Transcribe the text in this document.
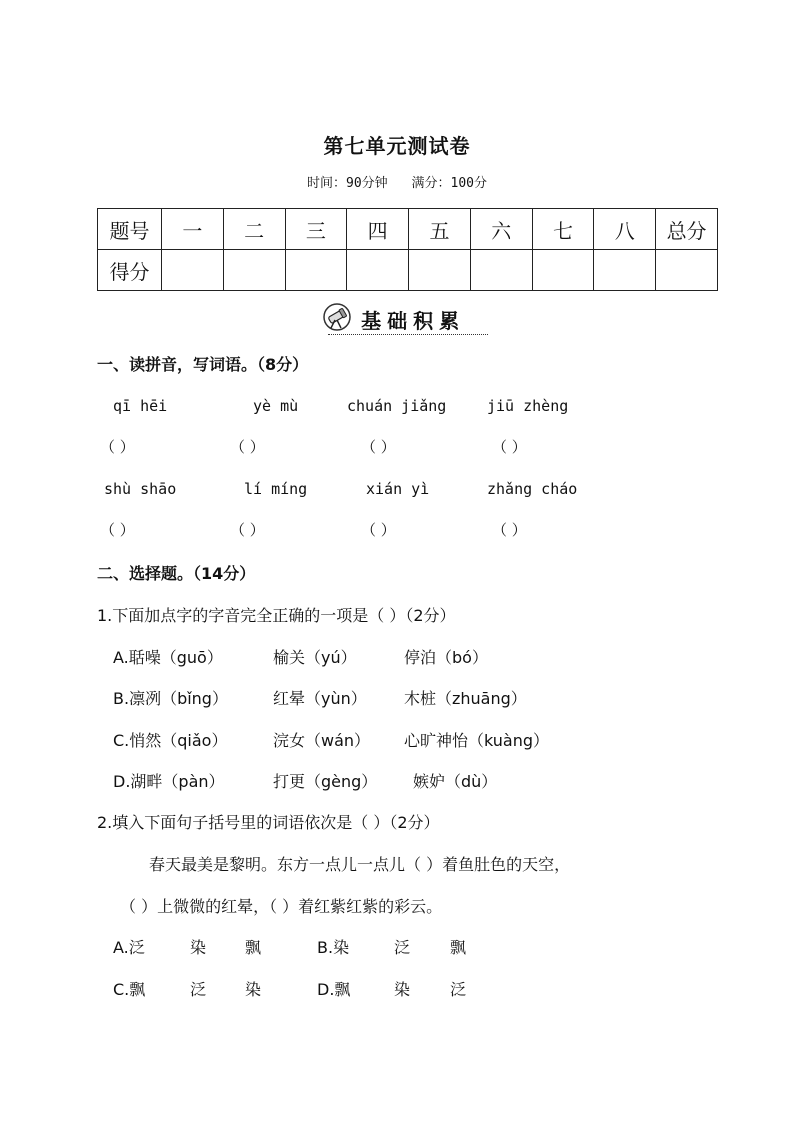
第七单元测试卷
时间：90分钟 满分：100分
题号	一	二	三	四	五	六	七	八	总分
得分									
基础积累
一、读拼音，写词语。（8分）
qī hēi	yè mù	chuán jiǎng	jiū zhèng
（ ）	（ ）	（ ）	（ ）
shù shāo	lí míng	xián yì	zhǎng cháo
（ ）	（ ）	（ ）	（ ）
二、选择题。（14分）
1.下面加点字的字音完全正确的一项是（ ）（2分）
A.聒噪（guō）	榆关（yú）	停泊（bó）
B.凛冽（bǐng）	红晕（yùn） 木桩（zhuāng）
C.悄然（qiǎo）	浣女（wán） 心旷神怡（kuàng）
D.湖畔（pàn）	打更（gèng） 嫉妒（dù）
2.填入下面句子括号里的词语依次是（ ）（2分）
春天最美是黎明。东方一点儿一点儿（ ）着鱼肚色的天空，
（ ）上微微的红晕，（ ）着红紫红紫的彩云。
A.泛	染 飘	B.染	泛 飘
C.飘	泛 染	D.飘	染 泛
